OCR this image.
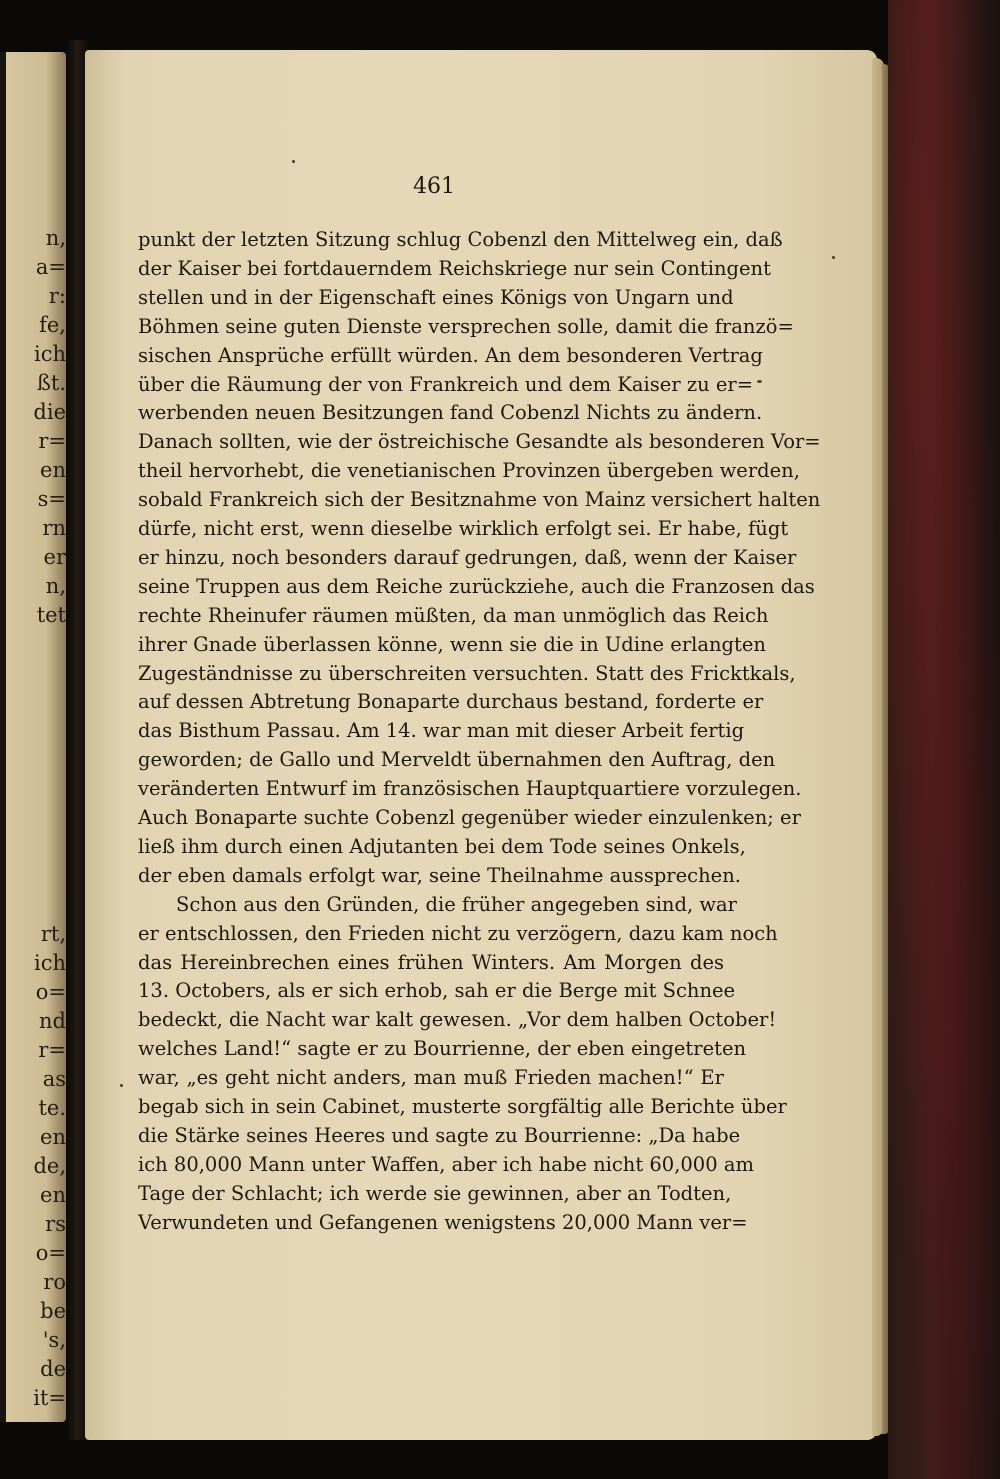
n,
a=
r:
fe,
ich
ßt.
die
r=
en
s=
rn
er
n,
tet
rt,
ich
o=
nd
r=
as
te.
en
de,
en
rs
o=
ro
be
's,
de
it=
461
punkt der letzten Sitzung schlug Cobenzl den Mittelweg ein, daß
der Kaiser bei fortdauerndem Reichskriege nur sein Contingent
stellen und in der Eigenschaft eines Königs von Ungarn und
Böhmen seine guten Dienste versprechen solle, damit die franzö=
sischen Ansprüche erfüllt würden. An dem besonderen Vertrag
über die Räumung der von Frankreich und dem Kaiser zu er=
werbenden neuen Besitzungen fand Cobenzl Nichts zu ändern.
Danach sollten, wie der östreichische Gesandte als besonderen Vor=
theil hervorhebt, die venetianischen Provinzen übergeben werden,
sobald Frankreich sich der Besitznahme von Mainz versichert halten
dürfe, nicht erst, wenn dieselbe wirklich erfolgt sei. Er habe, fügt
er hinzu, noch besonders darauf gedrungen, daß, wenn der Kaiser
seine Truppen aus dem Reiche zurückziehe, auch die Franzosen das
rechte Rheinufer räumen müßten, da man unmöglich das Reich
ihrer Gnade überlassen könne, wenn sie die in Udine erlangten
Zugeständnisse zu überschreiten versuchten. Statt des Fricktkals,
auf dessen Abtretung Bonaparte durchaus bestand, forderte er
das Bisthum Passau. Am 14. war man mit dieser Arbeit fertig
geworden; de Gallo und Merveldt übernahmen den Auftrag, den
veränderten Entwurf im französischen Hauptquartiere vorzulegen.
Auch Bonaparte suchte Cobenzl gegenüber wieder einzulenken; er
ließ ihm durch einen Adjutanten bei dem Tode seines Onkels,
der eben damals erfolgt war, seine Theilnahme aussprechen.
Schon aus den Gründen, die früher angegeben sind, war
er entschlossen, den Frieden nicht zu verzögern, dazu kam noch
das Hereinbrechen eines frühen Winters. Am Morgen des
13. Octobers, als er sich erhob, sah er die Berge mit Schnee
bedeckt, die Nacht war kalt gewesen. „Vor dem halben October!
welches Land!“ sagte er zu Bourrienne, der eben eingetreten
war, „es geht nicht anders, man muß Frieden machen!“ Er
begab sich in sein Cabinet, musterte sorgfältig alle Berichte über
die Stärke seines Heeres und sagte zu Bourrienne: „Da habe
ich 80,000 Mann unter Waffen, aber ich habe nicht 60,000 am
Tage der Schlacht; ich werde sie gewinnen, aber an Todten,
Verwundeten und Gefangenen wenigstens 20,000 Mann ver=
